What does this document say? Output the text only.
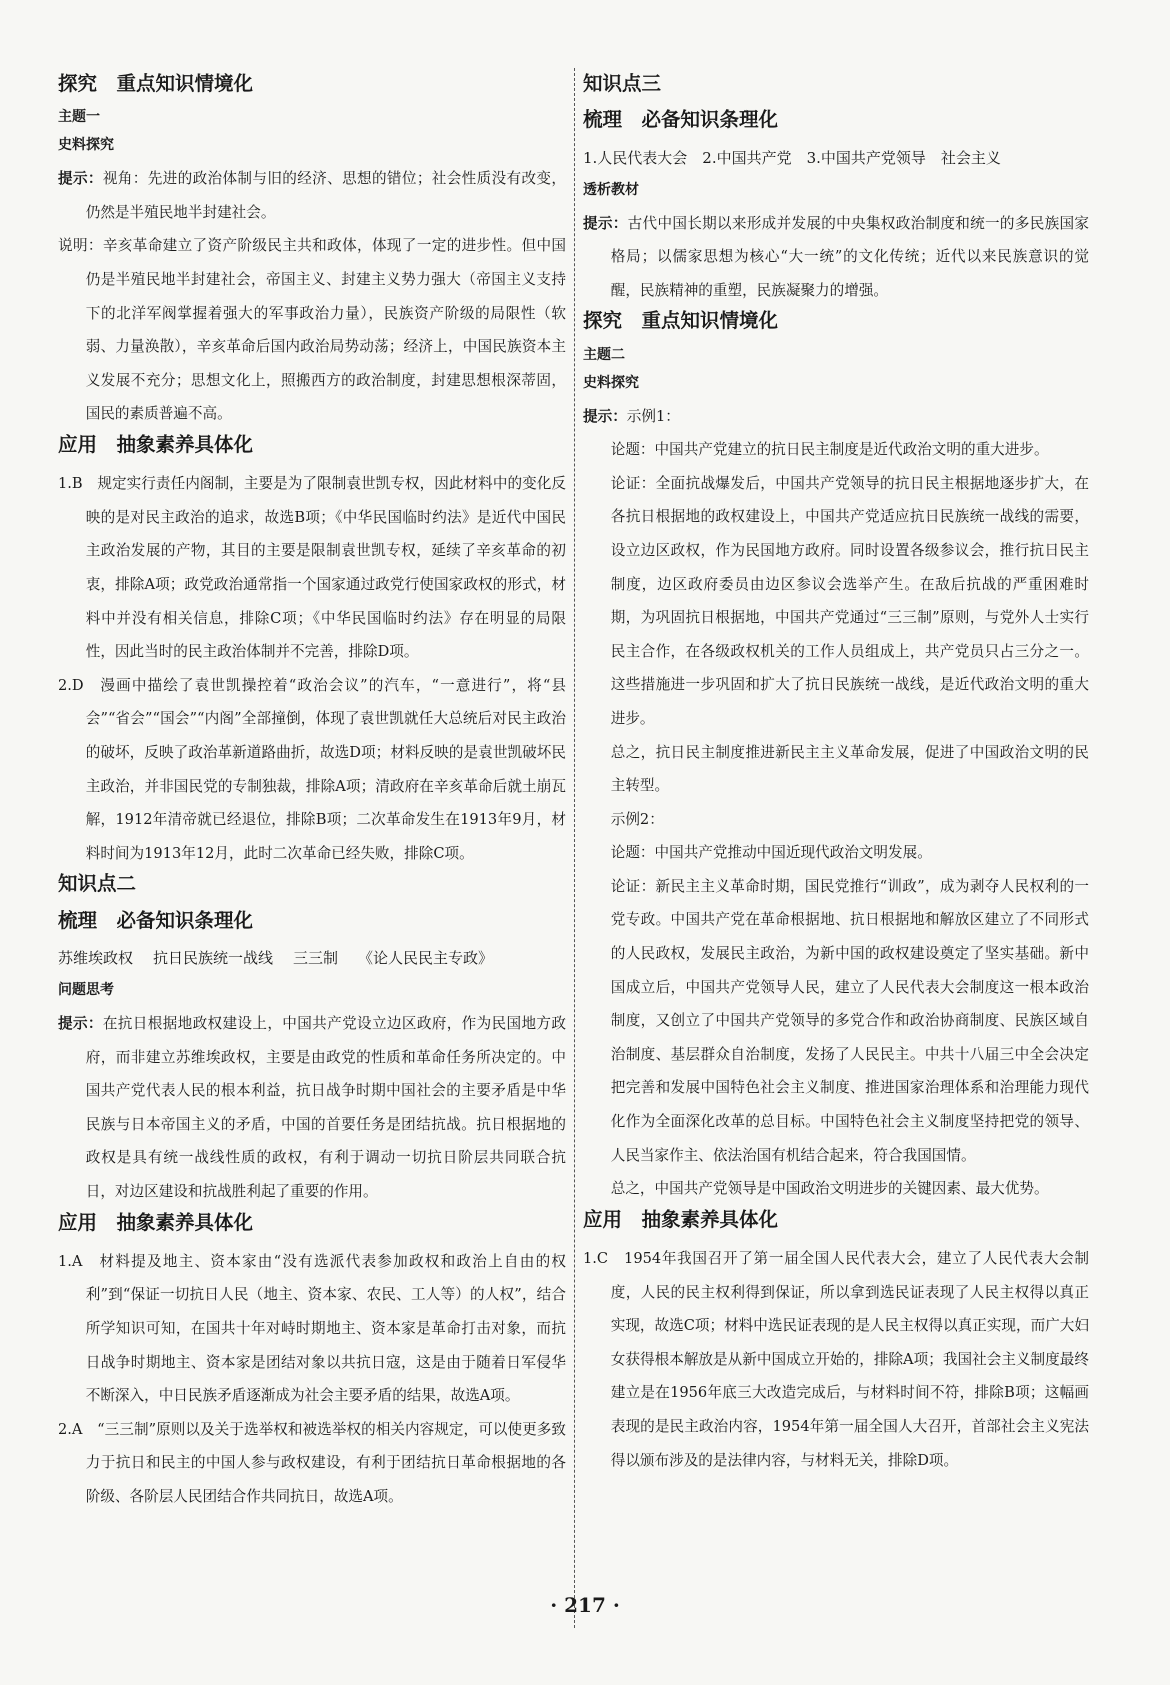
探究　重点知识情境化
主题一
史料探究

提示：视角：先进的政治体制与旧的经济、思想的错位；社会性质没有改变，仍然是半殖民地半封建社会。

说明：辛亥革命建立了资产阶级民主共和政体，体现了一定的进步性。但中国仍是半殖民地半封建社会，帝国主义、封建主义势力强大（帝国主义支持下的北洋军阀掌握着强大的军事政治力量），民族资产阶级的局限性（软弱、力量涣散），辛亥革命后国内政治局势动荡；经济上，中国民族资本主义发展不充分；思想文化上，照搬西方的政治制度，封建思想根深蒂固，国民的素质普遍不高。

应用　抽象素养具体化

1.B　规定实行责任内阁制，主要是为了限制袁世凯专权，因此材料中的变化反映的是对民主政治的追求，故选B项；《中华民国临时约法》是近代中国民主政治发展的产物，其目的主要是限制袁世凯专权，延续了辛亥革命的初衷，排除A项；政党政治通常指一个国家通过政党行使国家政权的形式，材料中并没有相关信息，排除C项；《中华民国临时约法》存在明显的局限性，因此当时的民主政治体制并不完善，排除D项。

2.D　漫画中描绘了袁世凯操控着“政治会议”的汽车，“一意进行”，将“县会”“省会”“国会”“内阁”全部撞倒，体现了袁世凯就任大总统后对民主政治的破坏，反映了政治革新道路曲折，故选D项；材料反映的是袁世凯破坏民主政治，并非国民党的专制独裁，排除A项；清政府在辛亥革命后就土崩瓦解，1912年清帝就已经退位，排除B项；二次革命发生在1913年9月，材料时间为1913年12月，此时二次革命已经失败，排除C项。

知识点二
梳理　必备知识条理化
苏维埃政权 抗日民族统一战线 三三制 《论人民民主专政》
问题思考

提示：在抗日根据地政权建设上，中国共产党设立边区政府，作为民国地方政府，而非建立苏维埃政权，主要是由政党的性质和革命任务所决定的。中国共产党代表人民的根本利益，抗日战争时期中国社会的主要矛盾是中华民族与日本帝国主义的矛盾，中国的首要任务是团结抗战。抗日根据地的政权是具有统一战线性质的政权，有利于调动一切抗日阶层共同联合抗日，对边区建设和抗战胜利起了重要的作用。

应用　抽象素养具体化

1.A　材料提及地主、资本家由“没有选派代表参加政权和政治上自由的权利”到“保证一切抗日人民（地主、资本家、农民、工人等）的人权”，结合所学知识可知，在国共十年对峙时期地主、资本家是革命打击对象，而抗日战争时期地主、资本家是团结对象以共抗日寇，这是由于随着日军侵华不断深入，中日民族矛盾逐渐成为社会主要矛盾的结果，故选A项。

2.A　“三三制”原则以及关于选举权和被选举权的相关内容规定，可以使更多致力于抗日和民主的中国人参与政权建设，有利于团结抗日革命根据地的各阶级、各阶层人民团结合作共同抗日，故选A项。

知识点三
梳理　必备知识条理化
1.人民代表大会　2.中国共产党　3.中国共产党领导　社会主义
透析教材

提示：古代中国长期以来形成并发展的中央集权政治制度和统一的多民族国家格局；以儒家思想为核心“大一统”的文化传统；近代以来民族意识的觉醒，民族精神的重塑，民族凝聚力的增强。

探究　重点知识情境化
主题二
史料探究

提示：示例1：

论题：中国共产党建立的抗日民主制度是近代政治文明的重大进步。

论证：全面抗战爆发后，中国共产党领导的抗日民主根据地逐步扩大，在各抗日根据地的政权建设上，中国共产党适应抗日民族统一战线的需要，设立边区政权，作为民国地方政府。同时设置各级参议会，推行抗日民主制度，边区政府委员由边区参议会选举产生。在敌后抗战的严重困难时期，为巩固抗日根据地，中国共产党通过“三三制”原则，与党外人士实行民主合作，在各级政权机关的工作人员组成上，共产党员只占三分之一。这些措施进一步巩固和扩大了抗日民族统一战线，是近代政治文明的重大进步。

总之，抗日民主制度推进新民主主义革命发展，促进了中国政治文明的民主转型。

示例2：

论题：中国共产党推动中国近现代政治文明发展。

论证：新民主主义革命时期，国民党推行“训政”，成为剥夺人民权利的一党专政。中国共产党在革命根据地、抗日根据地和解放区建立了不同形式的人民政权，发展民主政治，为新中国的政权建设奠定了坚实基础。新中国成立后，中国共产党领导人民，建立了人民代表大会制度这一根本政治制度，又创立了中国共产党领导的多党合作和政治协商制度、民族区域自治制度、基层群众自治制度，发扬了人民民主。中共十八届三中全会决定把完善和发展中国特色社会主义制度、推进国家治理体系和治理能力现代化作为全面深化改革的总目标。中国特色社会主义制度坚持把党的领导、人民当家作主、依法治国有机结合起来，符合我国国情。

总之，中国共产党领导是中国政治文明进步的关键因素、最大优势。

应用　抽象素养具体化

1.C　1954年我国召开了第一届全国人民代表大会，建立了人民代表大会制度，人民的民主权利得到保证，所以拿到选民证表现了人民主权得以真正实现，故选C项；材料中选民证表现的是人民主权得以真正实现，而广大妇女获得根本解放是从新中国成立开始的，排除A项；我国社会主义制度最终建立是在1956年底三大改造完成后，与材料时间不符，排除B项；这幅画表现的是民主政治内容，1954年第一届全国人大召开，首部社会主义宪法得以颁布涉及的是法律内容，与材料无关，排除D项。

· 217 ·
